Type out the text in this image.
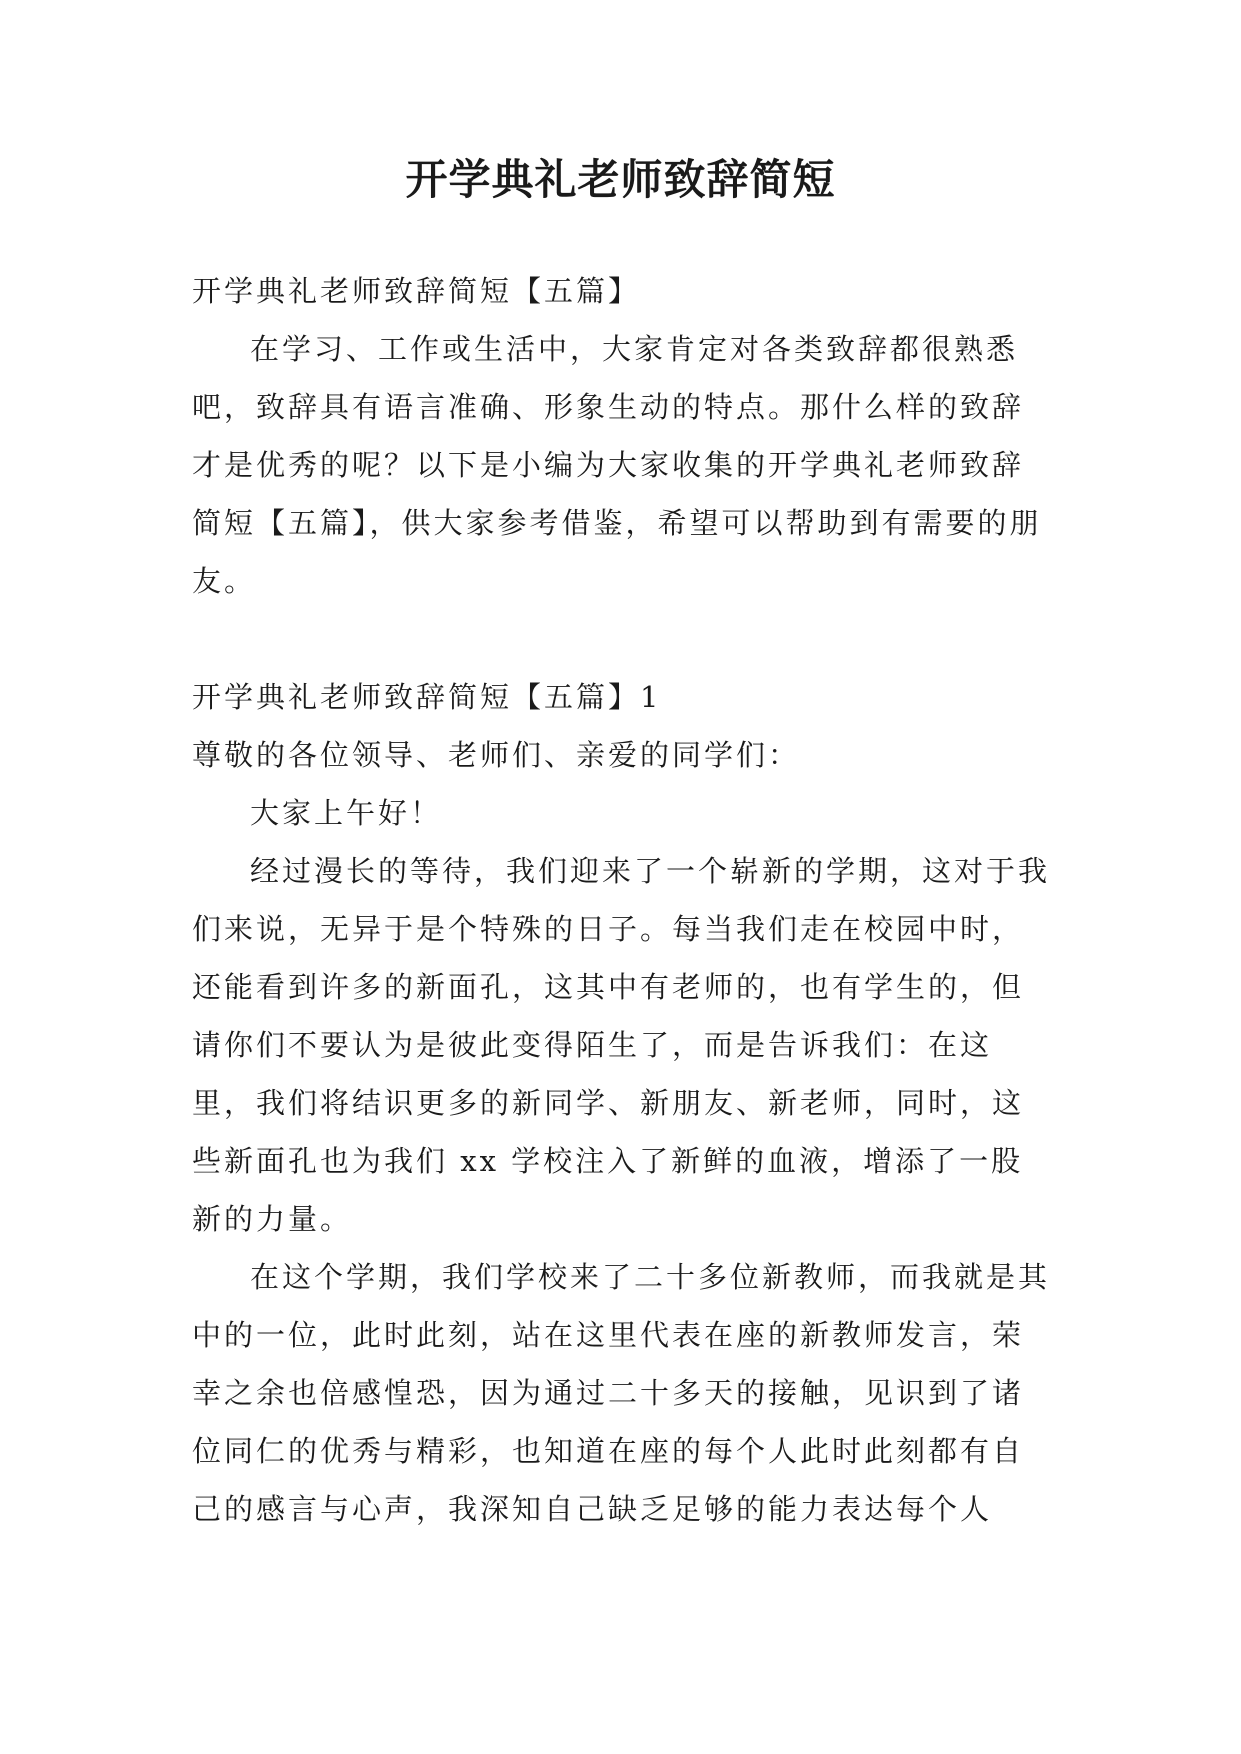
开学典礼老师致辞简短

开学典礼老师致辞简短【五篇】

在学习、工作或生活中，大家肯定对各类致辞都很熟悉吧，致辞具有语言准确、形象生动的特点。那什么样的致辞才是优秀的呢？以下是小编为大家收集的开学典礼老师致辞简短【五篇】，供大家参考借鉴，希望可以帮助到有需要的朋友。

开学典礼老师致辞简短【五篇】1

尊敬的各位领导、老师们、亲爱的同学们：

大家上午好！

经过漫长的等待，我们迎来了一个崭新的学期，这对于我们来说，无异于是个特殊的日子。每当我们走在校园中时，还能看到许多的新面孔，这其中有老师的，也有学生的，但请你们不要认为是彼此变得陌生了，而是告诉我们：在这里，我们将结识更多的新同学、新朋友、新老师，同时，这些新面孔也为我们 xx 学校注入了新鲜的血液，增添了一股新的力量。

在这个学期，我们学校来了二十多位新教师，而我就是其中的一位，此时此刻，站在这里代表在座的新教师发言，荣幸之余也倍感惶恐，因为通过二十多天的接触，见识到了诸位同仁的优秀与精彩，也知道在座的每个人此时此刻都有自己的感言与心声，我深知自己缺乏足够的能力表达每个人
